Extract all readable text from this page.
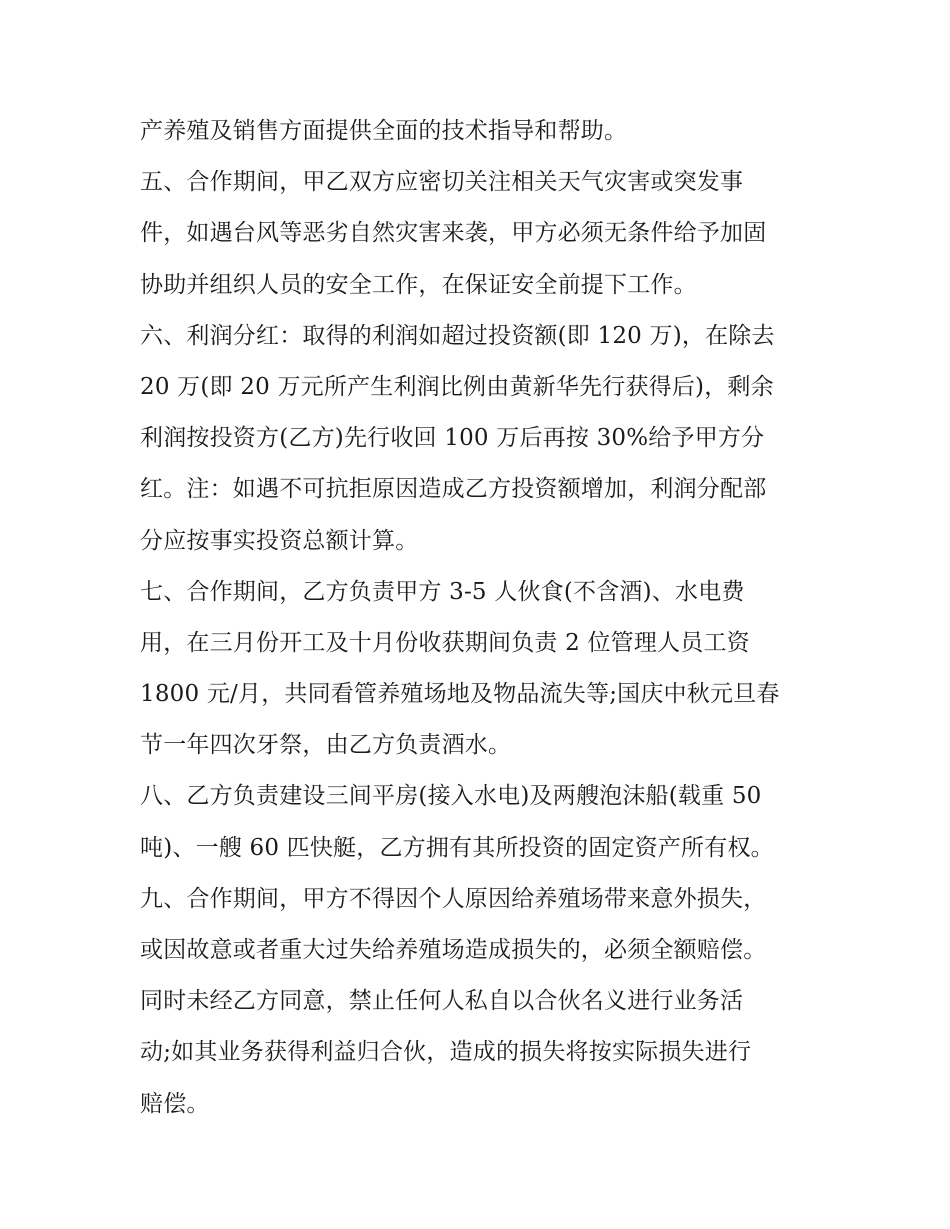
产养殖及销售方面提供全面的技术指导和帮助。
五、合作期间，甲乙双方应密切关注相关天气灾害或突发事
件，如遇台风等恶劣自然灾害来袭，甲方必须无条件给予加固
协助并组织人员的安全工作，在保证安全前提下工作。
六、利润分红：取得的利润如超过投资额(即 120 万)，在除去
20 万(即 20 万元所产生利润比例由黄新华先行获得后)，剩余
利润按投资方(乙方)先行收回 100 万后再按 30%给予甲方分
红。注：如遇不可抗拒原因造成乙方投资额增加，利润分配部
分应按事实投资总额计算。
七、合作期间，乙方负责甲方 3-5 人伙食(不含酒)、水电费
用，在三月份开工及十月份收获期间负责 2 位管理人员工资
1800 元/月，共同看管养殖场地及物品流失等;国庆中秋元旦春
节一年四次牙祭，由乙方负责酒水。
八、乙方负责建设三间平房(接入水电)及两艘泡沫船(载重 50
吨)、一艘 60 匹快艇，乙方拥有其所投资的固定资产所有权。
九、合作期间，甲方不得因个人原因给养殖场带来意外损失，
或因故意或者重大过失给养殖场造成损失的，必须全额赔偿。
同时未经乙方同意，禁止任何人私自以合伙名义进行业务活
动;如其业务获得利益归合伙，造成的损失将按实际损失进行
赔偿。
